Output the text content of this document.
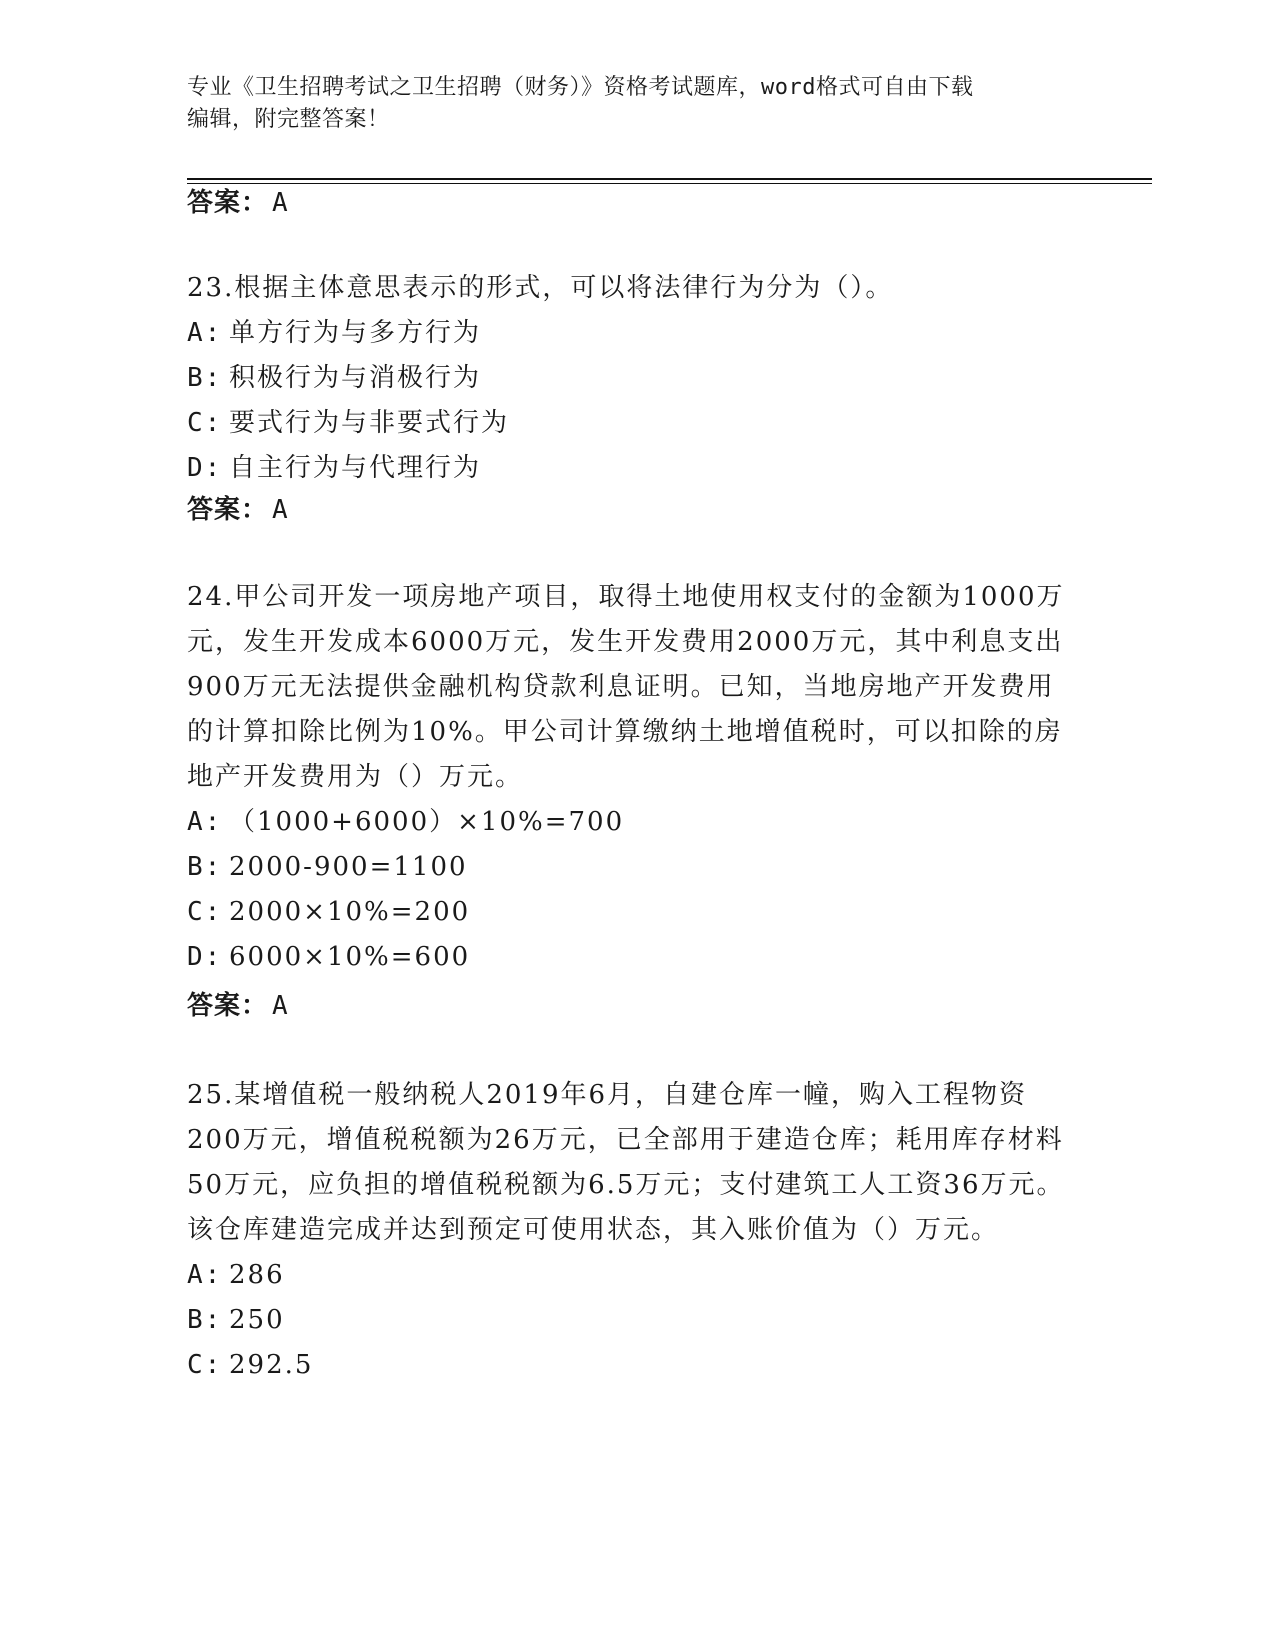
专业《卫生招聘考试之卫生招聘（财务）》资格考试题库，word格式可自由下载
编辑，附完整答案！
答案： A

23.根据主体意思表示的形式，可以将法律行为分为（）。

A: 单方行为与多方行为
B: 积极行为与消极行为
C: 要式行为与非要式行为
D: 自主行为与代理行为
答案： A

24.甲公司开发一项房地产项目，取得土地使用权支付的金额为1000万元，发生开发成本6000万元，发生开发费用2000万元，其中利息支出900万元无法提供金融机构贷款利息证明。已知，当地房地产开发费用的计算扣除比例为10%。甲公司计算缴纳土地增值税时，可以扣除的房地产开发费用为（）万元。

A: （1000+6000）×10%=700
B: 2000-900=1100
C: 2000×10%=200
D: 6000×10%=600
答案： A

25.某增值税一般纳税人2019年6月，自建仓库一幢，购入工程物资200万元，增值税税额为26万元，已全部用于建造仓库；耗用库存材料50万元，应负担的增值税税额为6.5万元；支付建筑工人工资36万元。该仓库建造完成并达到预定可使用状态，其入账价值为（）万元。

A: 286
B: 250
C: 292.5
